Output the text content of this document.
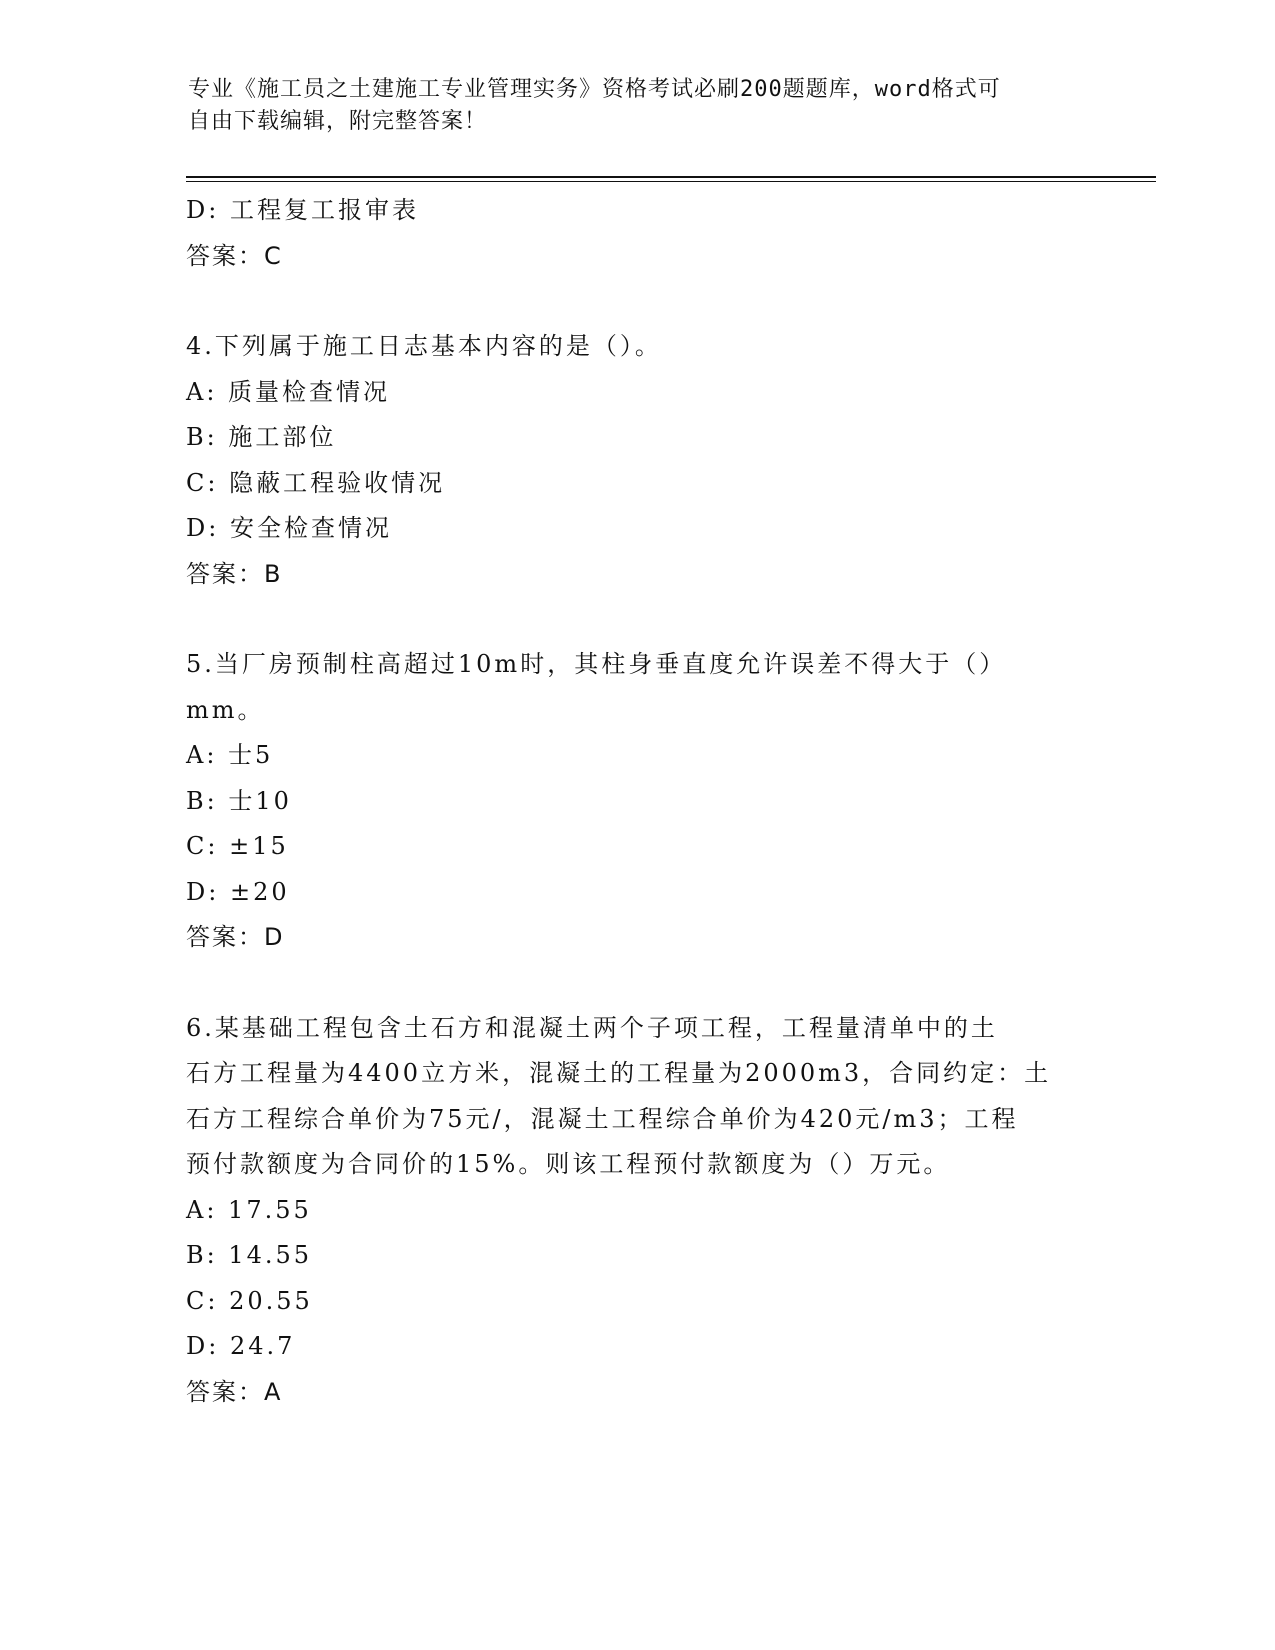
专业《施工员之土建施工专业管理实务》资格考试必刷200题题库，word格式可
自由下载编辑，附完整答案！
D: 工程复工报审表
答案：C
4.下列属于施工日志基本内容的是（）。
A: 质量检查情况
B: 施工部位
C: 隐蔽工程验收情况
D: 安全检查情况
答案：B
5.当厂房预制柱高超过10m时，其柱身垂直度允许误差不得大于（）
mm。
A: 士5
B: 士10
C: ±15
D: ±20
答案：D
6.某基础工程包含土石方和混凝土两个子项工程，工程量清单中的土
石方工程量为4400立方米，混凝土的工程量为2000m3，合同约定：土
石方工程综合单价为75元/，混凝土工程综合单价为420元/m3；工程
预付款额度为合同价的15%。则该工程预付款额度为（）万元。
A: 17.55
B: 14.55
C: 20.55
D: 24.7
答案：A
